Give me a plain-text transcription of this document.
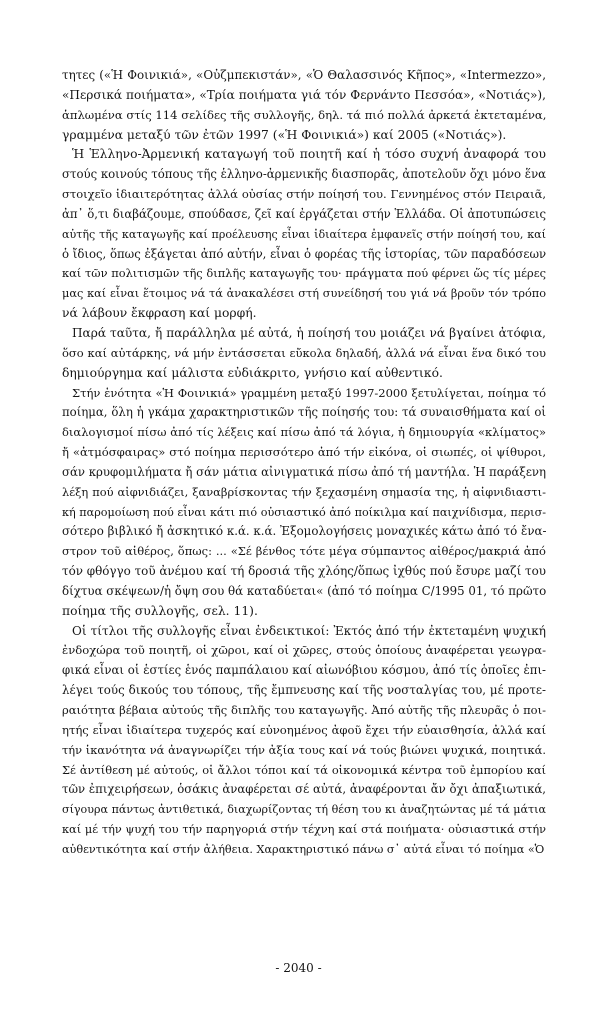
τητες («Ἡ Φοινικιά», «Οὐζμπεκιστάν», «Ὁ Θαλασσινός Κῆπος», «Intermezzo»,
«Περσικά ποιήματα», «Τρία ποιήματα γιά τόν Φερνάντο Πεσσόα», «Νοτιάς»),
ἁπλωμένα στίς 114 σελίδες τῆς συλλογῆς, δηλ. τά πιό πολλά ἀρκετά ἐκτεταμένα,
γραμμένα μεταξύ τῶν ἐτῶν 1997 («Ἡ Φοινικιά») καί 2005 («Νοτιάς»).

Ἡ Ἑλληνο-Ἀρμενική καταγωγή τοῦ ποιητῆ καί ἡ τόσο συχνή ἀναφορά του
στούς κοινούς τόπους τῆς ἑλληνο-ἀρμενικῆς διασπορᾶς, ἀποτελοῦν ὄχι μόνο ἕνα
στοιχεῖο ἰδιαιτερότητας ἀλλά οὐσίας στήν ποίησή του. Γεννημένος στόν Πειραιᾶ,
ἀπ᾽ ὅ,τι διαβάζουμε, σπούδασε, ζεῖ καί ἐργάζεται στήν Ἑλλάδα. Οἱ ἀποτυπώσεις
αὐτῆς τῆς καταγωγῆς καί προέλευσης εἶναι ἰδιαίτερα ἐμφανεῖς στήν ποίησή του, καί
ὁ ἴδιος, ὅπως ἐξάγεται ἀπό αὐτήν, εἶναι ὁ φορέας τῆς ἱστορίας, τῶν παραδόσεων
καί τῶν πολιτισμῶν τῆς διπλῆς καταγωγῆς του· πράγματα πού φέρνει ὥς τίς μέρες
μας καί εἶναι ἕτοιμος νά τά ἀνακαλέσει στή συνείδησή του γιά νά βροῦν τόν τρόπο
νά λάβουν ἔκφραση καί μορφή.

Παρά ταῦτα, ἤ παράλληλα μέ αὐτά, ἡ ποίησή του μοιάζει νά βγαίνει ἀτόφια,
ὅσο καί αὐτάρκης, νά μήν ἐντάσσεται εὔκολα δηλαδή, ἀλλά νά εἶναι ἕνα δικό του
δημιούργημα καί μάλιστα εὐδιάκριτο, γνήσιο καί αὐθεντικό.

Στήν ἑνότητα «Ἡ Φοινικιά» γραμμένη μεταξύ 1997-2000 ξετυλίγεται, ποίημα τό
ποίημα, ὅλη ἡ γκάμα χαρακτηριστικῶν τῆς ποίησής του: τά συναισθήματα καί οἱ
διαλογισμοί πίσω ἀπό τίς λέξεις καί πίσω ἀπό τά λόγια, ἡ δημιουργία «κλίματος»
ἤ «ἀτμόσφαιρας» στό ποίημα περισσότερο ἀπό τήν εἰκόνα, οἱ σιωπές, οἱ ψίθυροι,
σάν κρυφομιλήματα ἤ σάν μάτια αἰνιγματικά πίσω ἀπό τή μαντήλα. Ἡ παράξενη
λέξη πού αἰφνιδιάζει, ξαναβρίσκοντας τήν ξεχασμένη σημασία της, ἡ αἰφνιδιαστι-
κή παρομοίωση πού εἶναι κάτι πιό οὐσιαστικό ἀπό ποίκιλμα καί παιχνίδισμα, περισ-
σότερο βιβλικό ἤ ἀσκητικό κ.ά. κ.ά. Ἐξομολογήσεις μοναχικές κάτω ἀπό τό ἔνα-
στρον τοῦ αἰθέρος, ὅπως: ... «Σέ βένθος τότε μέγα σύμπαντος αἰθέρος/μακριά ἀπό
τόν φθόγγο τοῦ ἀνέμου καί τή δροσιά τῆς χλόης/ὅπως ἰχθύς πού ἔσυρε μαζί του
δίχτυα σκέψεων/ἡ ὄψη σου θά καταδύεται« (ἀπό τό ποίημα C/1995 01, τό πρῶτο
ποίημα τῆς συλλογῆς, σελ. 11).

Οἱ τίτλοι τῆς συλλογῆς εἶναι ἐνδεικτικοί: Ἐκτός ἀπό τήν ἐκτεταμένη ψυχική
ἐνδοχώρα τοῦ ποιητῆ, οἱ χῶροι, καί οἱ χῶρες, στούς ὁποίους ἀναφέρεται γεωγρα-
φικά εἶναι οἱ ἑστίες ἑνός παμπάλαιου καί αἰωνόβιου κόσμου, ἀπό τίς ὁποῖες ἐπι-
λέγει τούς δικούς του τόπους, τῆς ἔμπνευσης καί τῆς νοσταλγίας του, μέ προτε-
ραιότητα βέβαια αὐτούς τῆς διπλῆς του καταγωγῆς. Ἀπό αὐτῆς τῆς πλευρᾶς ὁ ποι-
ητής εἶναι ἰδιαίτερα τυχερός καί εὐνοημένος ἀφοῦ ἔχει τήν εὐαισθησία, ἀλλά καί
τήν ἱκανότητα νά ἀναγνωρίζει τήν ἀξία τους καί νά τούς βιώνει ψυχικά, ποιητικά.
Σέ ἀντίθεση μέ αὐτούς, οἱ ἄλλοι τόποι καί τά οἰκονομικά κέντρα τοῦ ἐμπορίου καί
τῶν ἐπιχειρήσεων, ὁσάκις ἀναφέρεται σέ αὐτά, ἀναφέρονται ἄν ὄχι ἀπαξιωτικά,
σίγουρα πάντως ἀντιθετικά, διαχωρίζοντας τή θέση του κι ἀναζητώντας μέ τά μάτια
καί μέ τήν ψυχή του τήν παρηγοριά στήν τέχνη καί στά ποιήματα· οὐσιαστικά στήν
αὐθεντικότητα καί στήν ἀλήθεια. Χαρακτηριστικό πάνω σ᾽ αὐτά εἶναι τό ποίημα «Ὁ

- 2040 -
